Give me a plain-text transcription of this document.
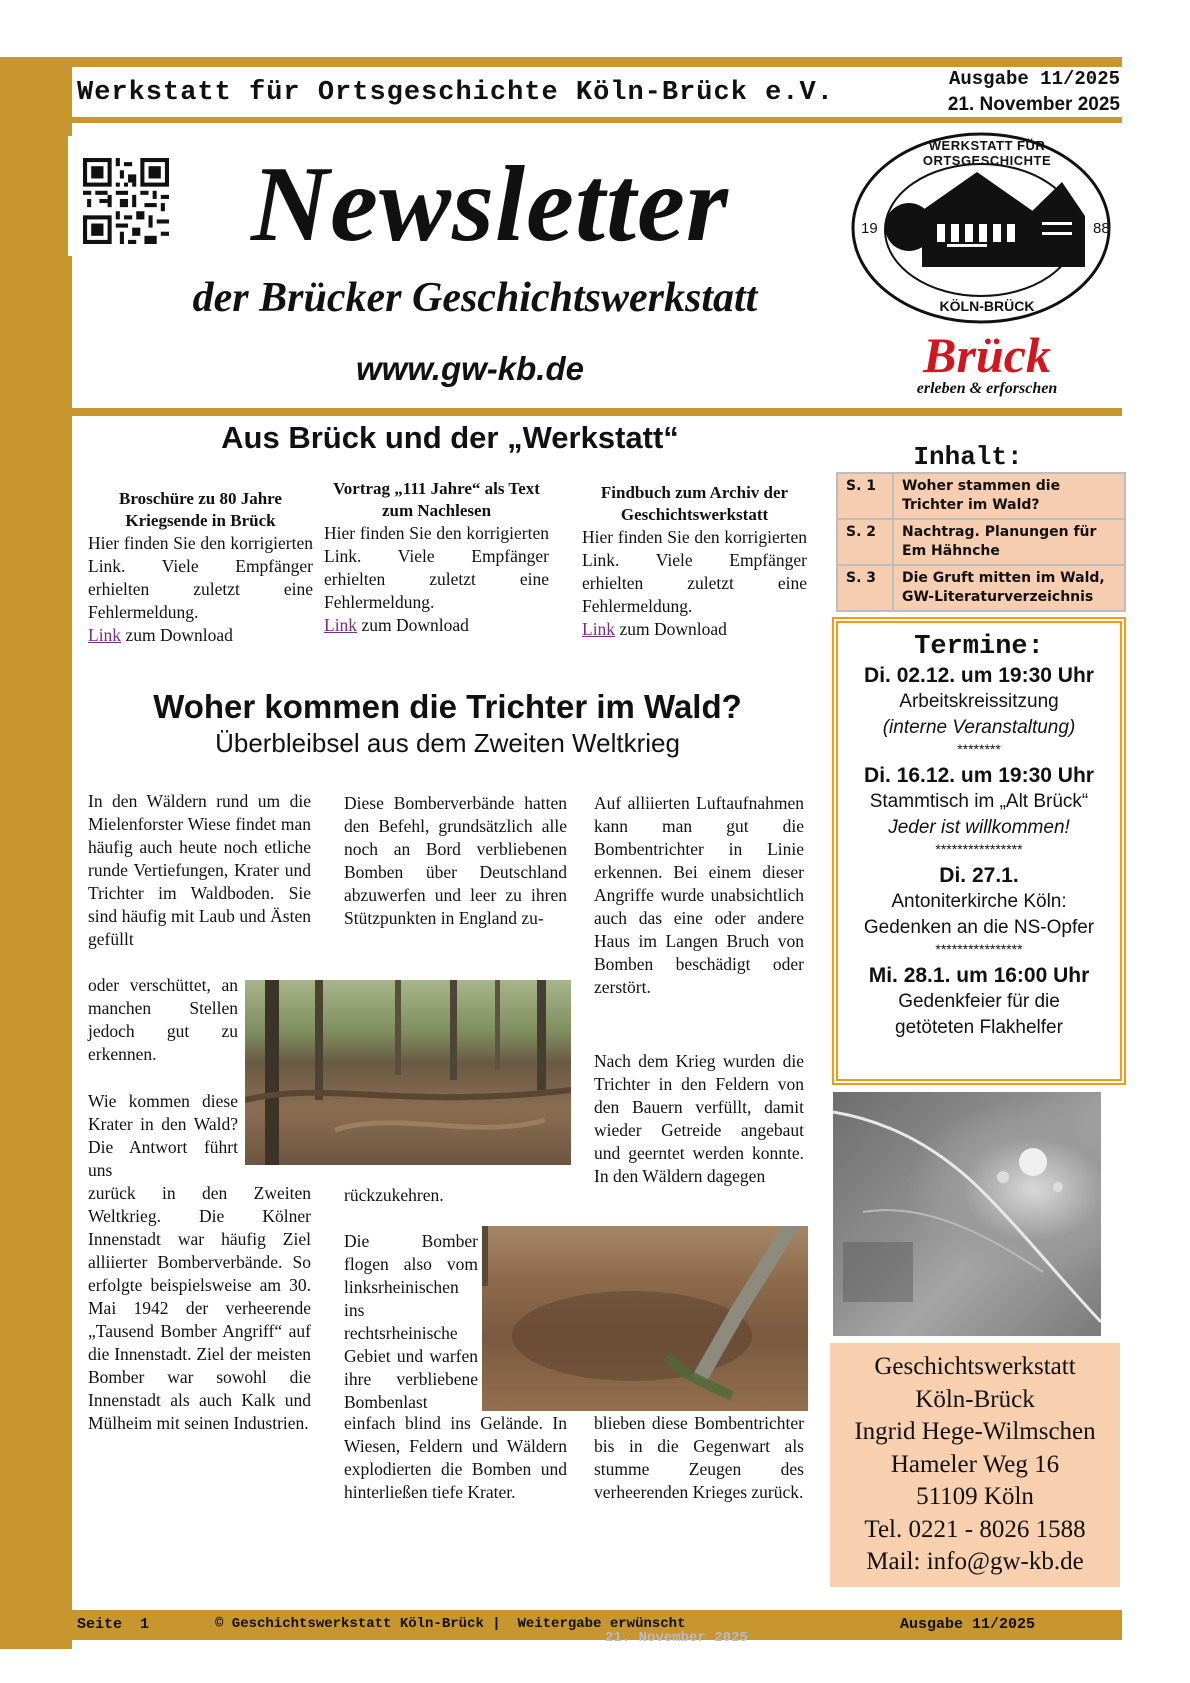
Werkstatt für Ortsgeschichte Köln-Brück e.V.	Ausgabe 11/2025
21. November 2025
Newsletter
der Brücker Geschichtswerkstatt
www.gw-kb.de
WERKSTATT FÜR ORTSGESCHICHTE
19	88
KÖLN-BRÜCK
Brück
erleben & erforschen
Aus Brück und der „Werkstatt“
Broschüre zu 80 Jahre Kriegsende in Brück
Hier finden Sie den korrigierten Link. Viele Empfänger erhielten zuletzt eine Fehlermeldung.
Link zum Download
Vortrag „111 Jahre“ als Text zum Nachlesen
Hier finden Sie den korrigierten Link. Viele Empfänger erhielten zuletzt eine Fehlermeldung.
Link zum Download
Findbuch zum Archiv der Geschichtswerkstatt
Hier finden Sie den korrigierten Link. Viele Empfänger erhielten zuletzt eine Fehlermeldung.
Link zum Download
Inhalt:
S. 1	Woher stammen die Trichter im Wald?
S. 2	Nachtrag. Planungen für Em Hähnche
S. 3	Die Gruft mitten im Wald, GW-Literaturverzeichnis
Termine:
Di. 02.12. um 19:30 Uhr
Arbeitskreissitzung
(interne Veranstaltung)
********
Di. 16.12. um 19:30 Uhr
Stammtisch im „Alt Brück“
Jeder ist willkommen!
****************
Di. 27.1.
Antoniterkirche Köln:
Gedenken an die NS-Opfer
****************
Mi. 28.1. um 16:00 Uhr
Gedenkfeier für die
getöteten Flakhelfer
Geschichtswerkstatt
Köln-Brück
Ingrid Hege-Wilmschen
Hameler Weg 16
51109 Köln
Tel. 0221 - 8026 1588
Mail: info@gw-kb.de
Woher kommen die Trichter im Wald?
Überbleibsel aus dem Zweiten Weltkrieg
In den Wäldern rund um die Mielenforster Wiese findet man häufig auch heute noch etliche runde Vertiefungen, Krater und Trichter im Waldboden. Sie sind häufig mit Laub und Ästen gefüllt
oder verschüttet, an manchen Stellen jedoch gut zu erkennen.
Wie kommen diese Krater in den Wald? Die Antwort führt uns
zurück in den Zweiten Weltkrieg. Die Kölner Innenstadt war häufig Ziel alliierter Bomberverbände. So erfolgte beispielsweise am 30. Mai 1942 der verheerende „Tausend Bomber Angriff“ auf die Innenstadt. Ziel der meisten Bomber war sowohl die Innenstadt als auch Kalk und Mülheim mit seinen Industrien.
Diese Bomberverbände hatten den Befehl, grundsätzlich alle noch an Bord verbliebenen Bomben über Deutschland abzuwerfen und leer zu ihren Stützpunkten in England zu-
rückzukehren.
Die Bomber flogen also vom linksrheinischen ins rechtsrheinische Gebiet und warfen ihre verbliebene Bombenlast
einfach blind ins Gelände. In Wiesen, Feldern und Wäldern explodierten die Bomben und hinterließen tiefe Krater.
Auf alliierten Luftaufnahmen kann man gut die Bombentrichter in Linie erkennen. Bei einem dieser Angriffe wurde unabsichtlich auch das eine oder andere Haus im Langen Bruch von Bomben beschädigt oder zerstört.
Nach dem Krieg wurden die Trichter in den Feldern von den Bauern verfüllt, damit wieder Getreide angebaut und geerntet werden konnte. In den Wäldern dagegen
blieben diese Bombentrichter bis in die Gegenwart als stumme Zeugen des verheerenden Krieges zurück.
21. November 2025
Seite  1	© Geschichtswerkstatt Köln-Brück |  Weitergabe erwünscht	Ausgabe 11/2025
